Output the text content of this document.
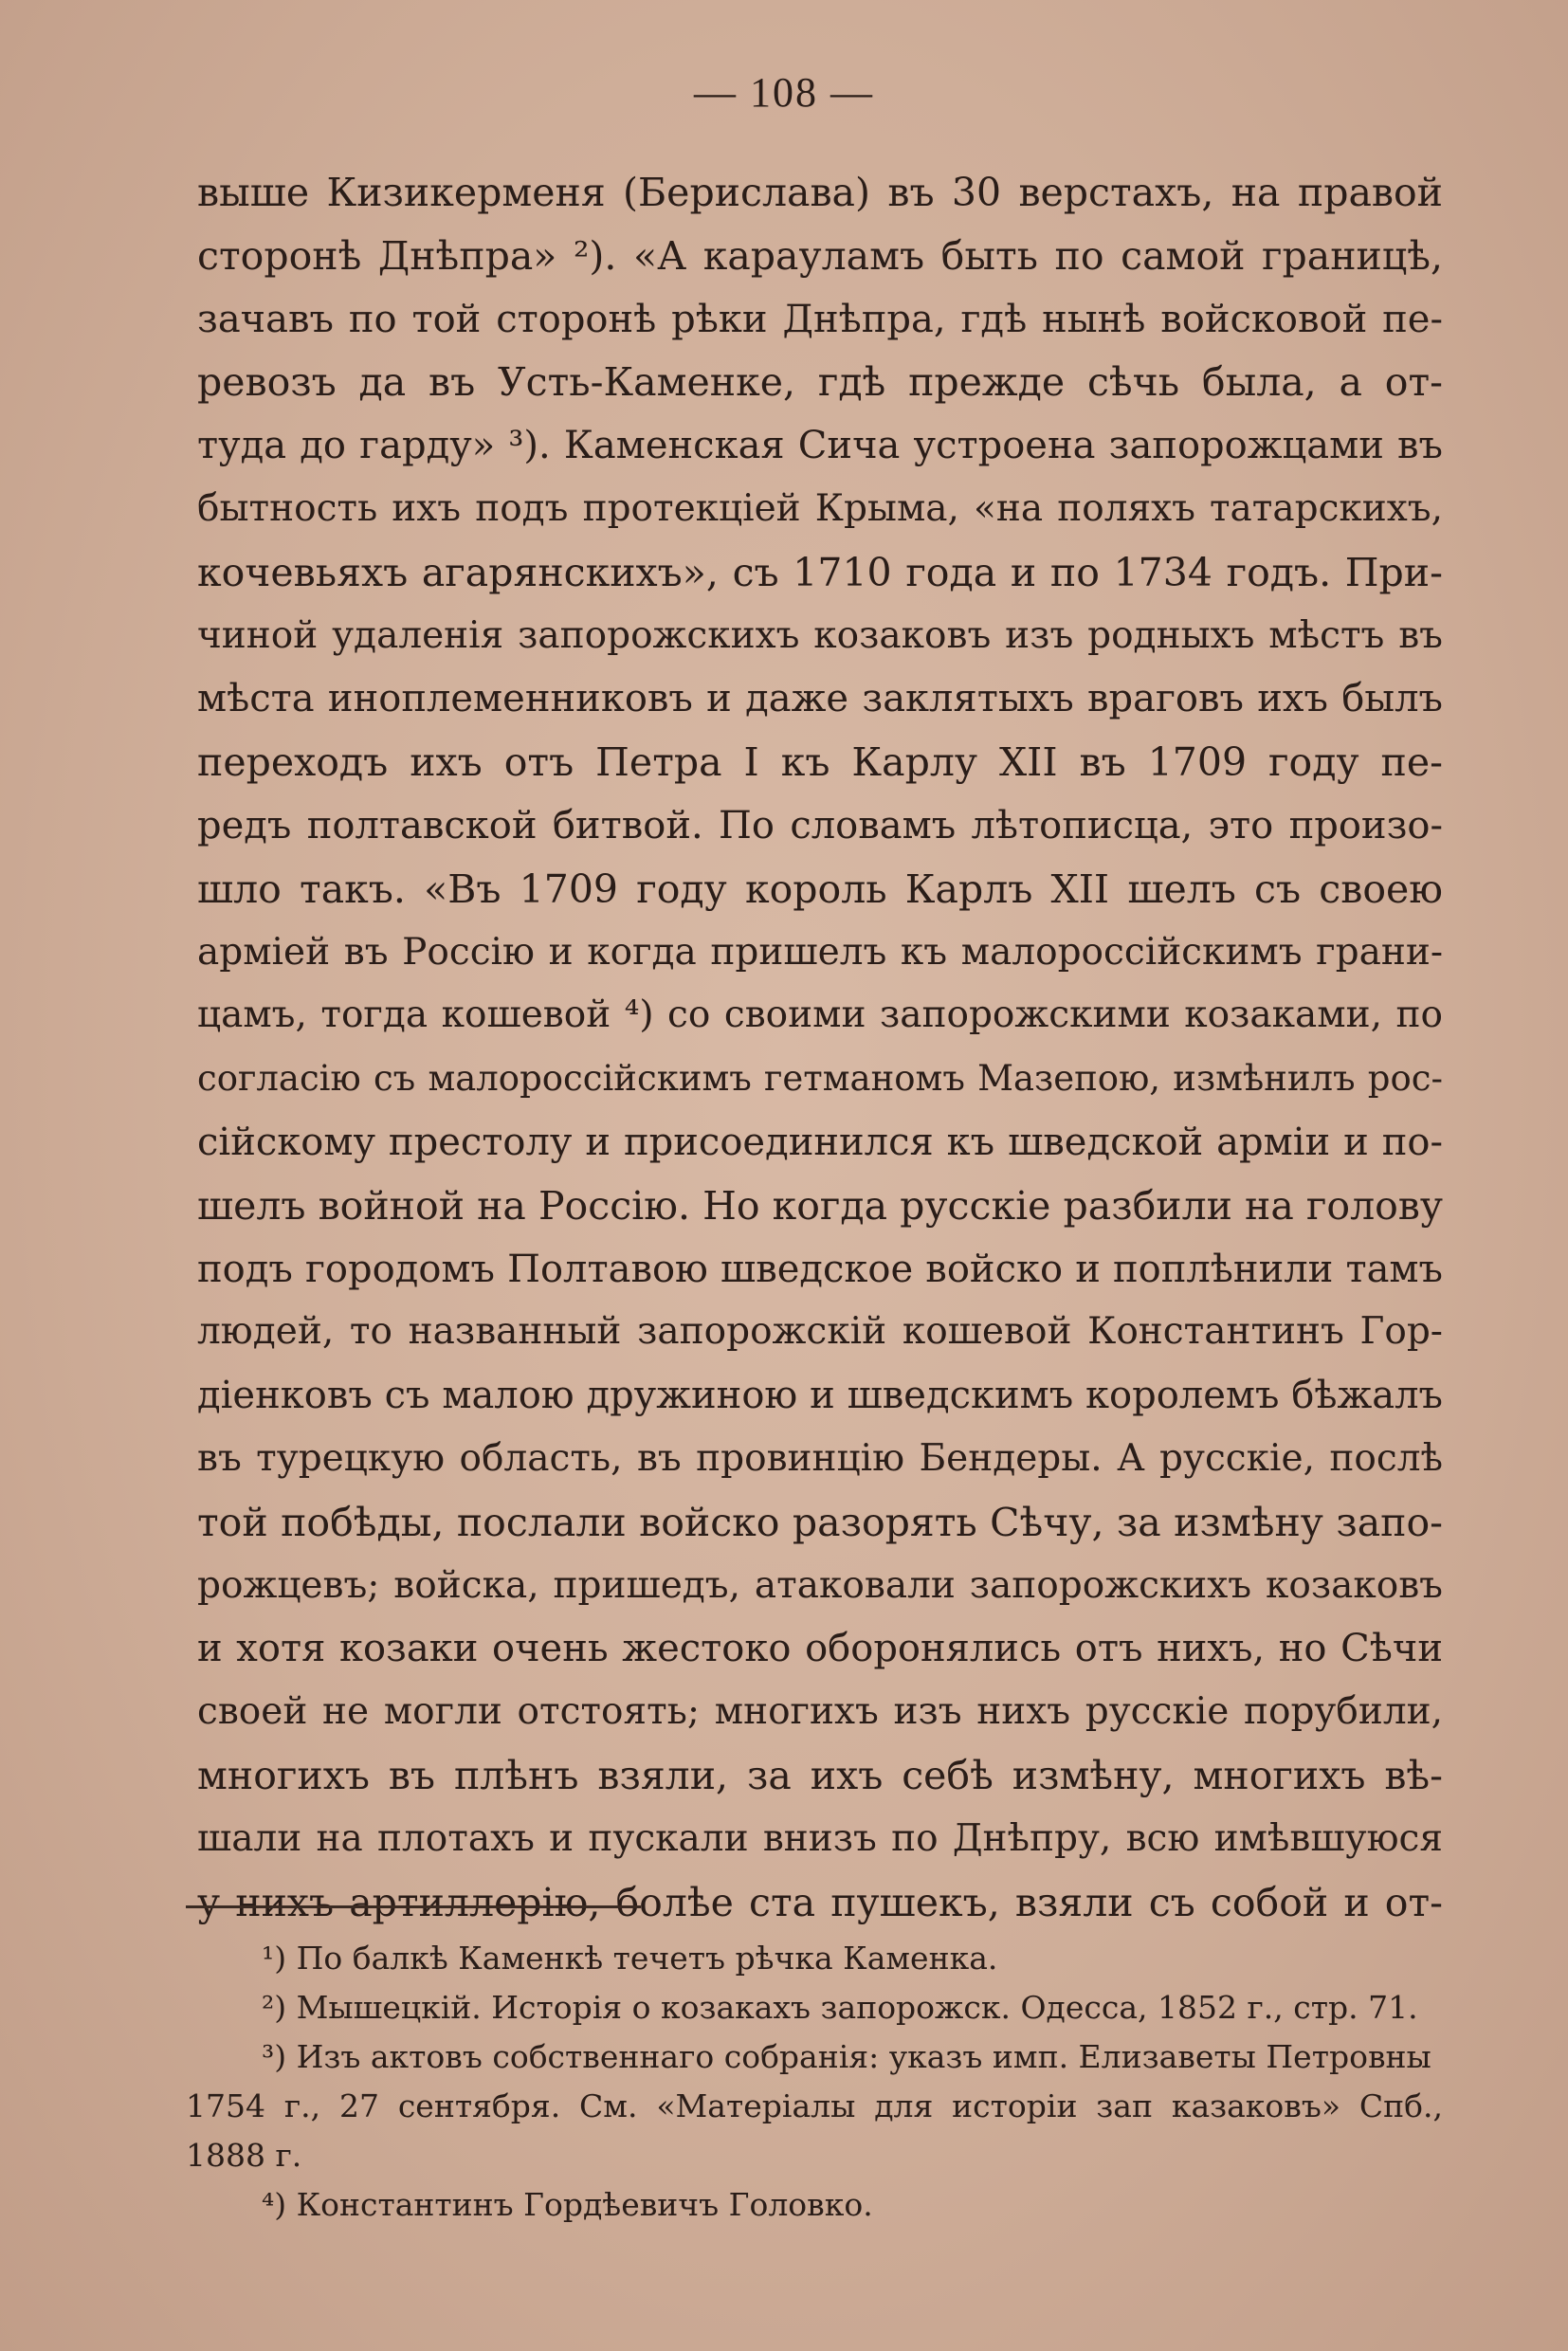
— 108 —
выше Кизикерменя (Берислава) въ 30 верстахъ, на правой
сторонѣ Днѣпра» ²). «А карауламъ быть по самой границѣ,
зачавъ по той сторонѣ рѣки Днѣпра, гдѣ нынѣ войсковой пе-
ревозъ да въ Усть-Каменке, гдѣ прежде сѣчь была, а от-
туда до гарду» ³). Каменская Сича устроена запорожцами въ
бытность ихъ подъ протекціей Крыма, «на поляхъ татарскихъ,
кочевьяхъ агарянскихъ», съ 1710 года и по 1734 годъ. При-
чиной удаленія запорожскихъ козаковъ изъ родныхъ мѣстъ въ
мѣста иноплеменниковъ и даже заклятыхъ враговъ ихъ былъ
переходъ ихъ отъ Петра I къ Карлу XII въ 1709 году пе-
редъ полтавской битвой. По словамъ лѣтописца, это произо-
шло такъ. «Въ 1709 году король Карлъ XII шелъ съ своею
арміей въ Россію и когда пришелъ къ малороссійскимъ грани-
цамъ, тогда кошевой ⁴) со своими запорожскими козаками, по
согласію съ малороссійскимъ гетманомъ Мазепою, измѣнилъ рос-
сійскому престолу и присоединился къ шведской арміи и по-
шелъ войной на Россію. Но когда русскіе разбили на голову
подъ городомъ Полтавою шведское войско и поплѣнили тамъ
людей, то названный запорожскій кошевой Константинъ Гор-
діенковъ съ малою дружиною и шведскимъ королемъ бѣжалъ
въ турецкую область, въ провинцію Бендеры. А русскіе, послѣ
той побѣды, послали войско разорять Сѣчу, за измѣну запо-
рожцевъ; войска, пришедъ, атаковали запорожскихъ козаковъ
и хотя козаки очень жестоко оборонялись отъ нихъ, но Сѣчи
своей не могли отстоять; многихъ изъ нихъ русскіе порубили,
многихъ въ плѣнъ взяли, за ихъ себѣ измѣну, многихъ вѣ-
шали на плотахъ и пускали внизъ по Днѣпру, всю имѣвшуюся
у нихъ артиллерію, болѣе ста пушекъ, взяли съ собой и от-
¹) По балкѣ Каменкѣ течетъ рѣчка Каменка.
²) Мышецкій. Исторія о козакахъ запорожск. Одесса, 1852 г., стр. 71.
³) Изъ актовъ собственнаго собранія: указъ имп. Елизаветы Петровны
1754 г., 27 сентября. См. «Матеріалы для исторіи зап казаковъ» Спб.,
1888 г.
⁴) Константинъ Гордѣевичъ Головко.
